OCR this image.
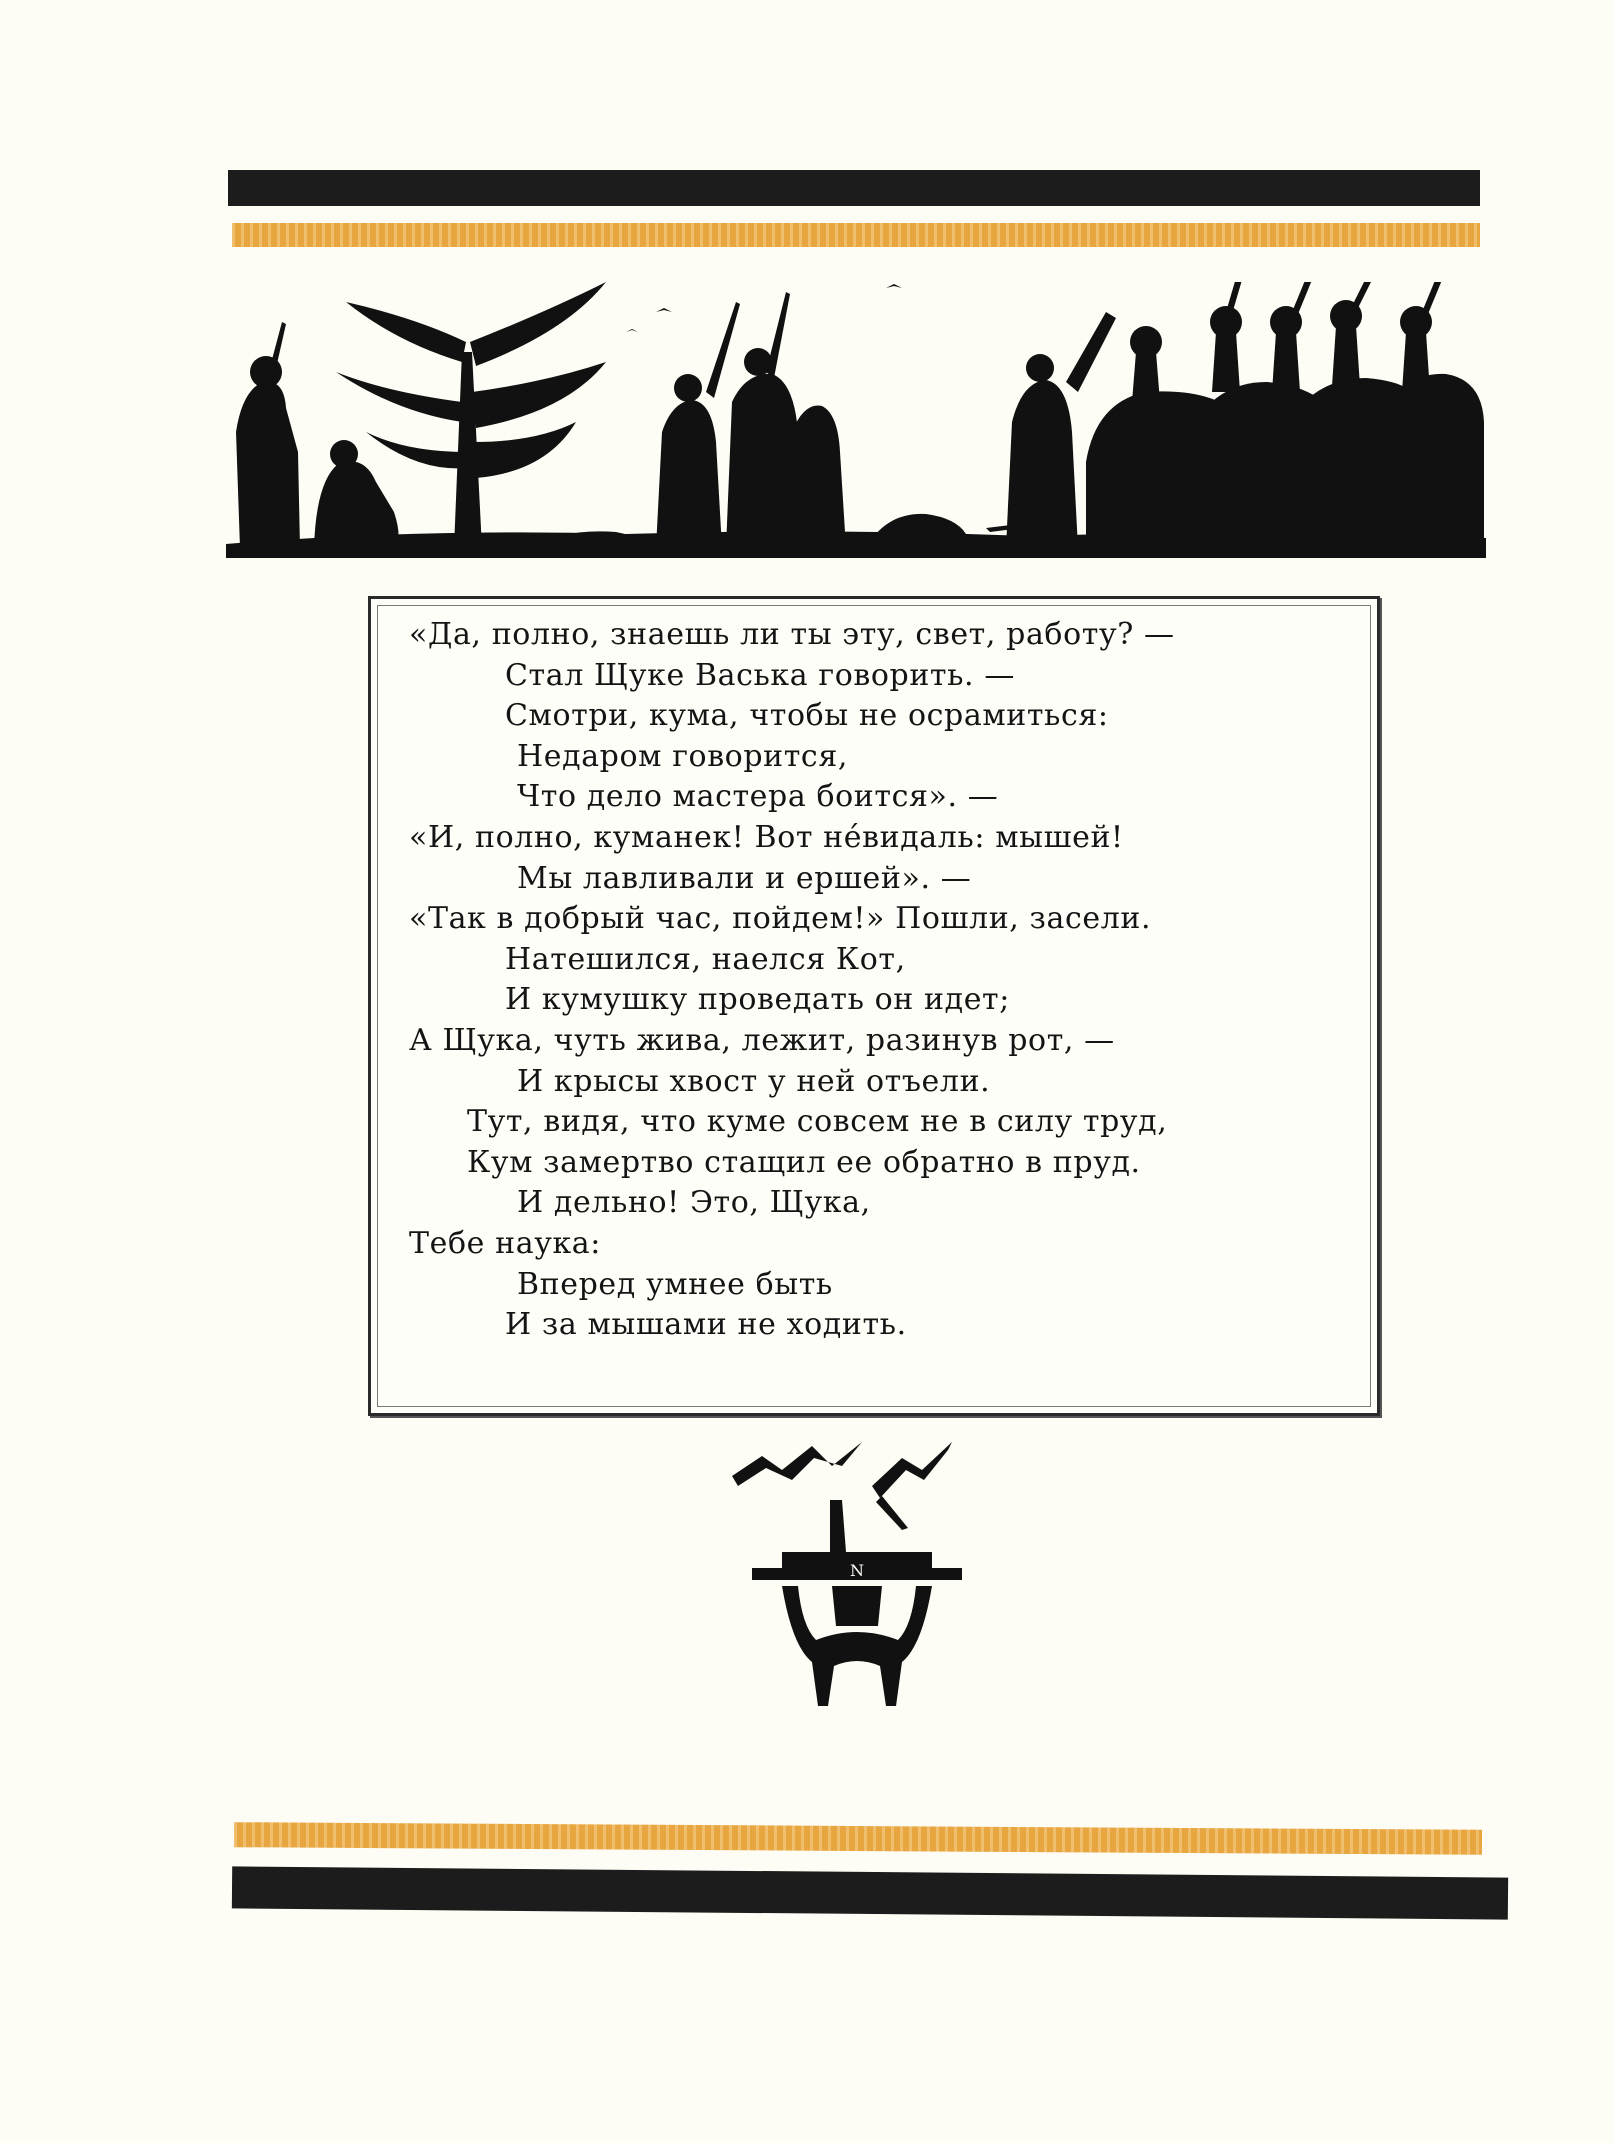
«Да, полно, знаешь ли ты эту, свет, работу? —
Стал Щуке Васька говорить. —
Смотри, кума, чтобы не осрамиться:
Недаром говорится,
Что дело мастера боится». —
«И, полно, куманек! Вот не́видаль: мышей!
Мы лавливали и ершей». —
«Так в добрый час, пойдем!» Пошли, засели.
Натешился, наелся Кот,
И кумушку проведать он идет;
А Щука, чуть жива, лежит, разинув рот, —
И крысы хвост у ней отъели.
Тут, видя, что куме совсем не в силу труд,
Кум замертво стащил ее обратно в пруд.
И дельно! Это, Щука,
Тебе наука:
Вперед умнее быть
И за мышами не ходить.
N
